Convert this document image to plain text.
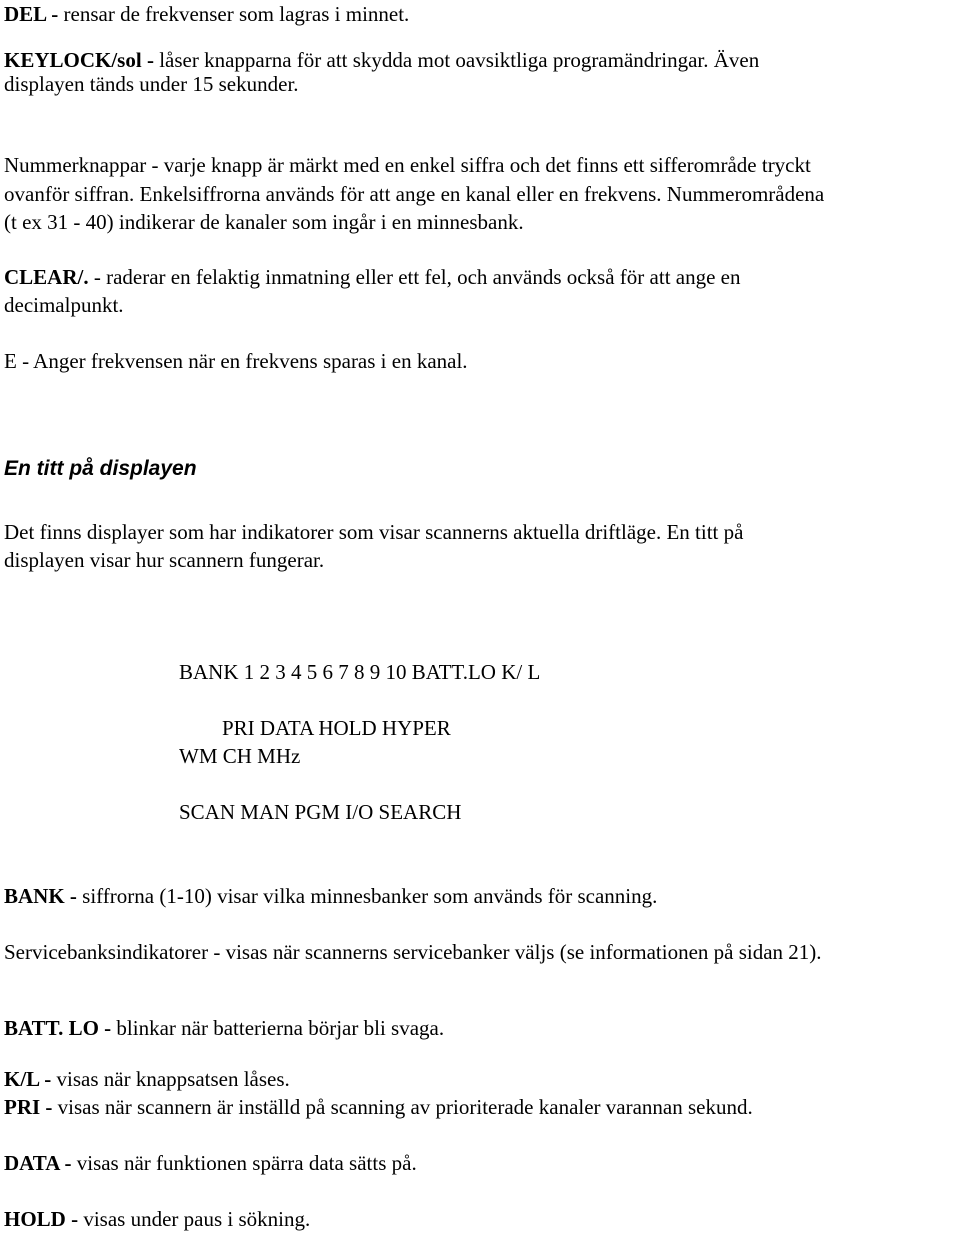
DEL - rensar de frekvenser som lagras i minnet.

KEYLOCK/sol - låser knapparna för att skydda mot oavsiktliga programändringar. Även

displayen tänds under 15 sekunder.

Nummerknappar - varje knapp är märkt med en enkel siffra och det finns ett sifferområde tryckt

ovanför siffran. Enkelsiffrorna används för att ange en kanal eller en frekvens. Nummerområdena

(t ex 31 - 40) indikerar de kanaler som ingår i en minnesbank.

CLEAR/. - raderar en felaktig inmatning eller ett fel, och används också för att ange en

decimalpunkt.

E - Anger frekvensen när en frekvens sparas i en kanal.

En titt på displayen

Det finns displayer som har indikatorer som visar scannerns aktuella driftläge. En titt på

displayen visar hur scannern fungerar.

BANK 1 2 3 4 5 6 7 8 9 10 BATT.LO K/ L

PRI DATA HOLD HYPER

WM CH MHz

SCAN MAN PGM I/O SEARCH

BANK - siffrorna (1-10) visar vilka minnesbanker som används för scanning.

Servicebanksindikatorer - visas när scannerns servicebanker väljs (se informationen på sidan 21).

BATT. LO - blinkar när batterierna börjar bli svaga.

K/L - visas när knappsatsen låses.

PRI - visas när scannern är inställd på scanning av prioriterade kanaler varannan sekund.

DATA - visas när funktionen spärra data sätts på.

HOLD - visas under paus i sökning.
